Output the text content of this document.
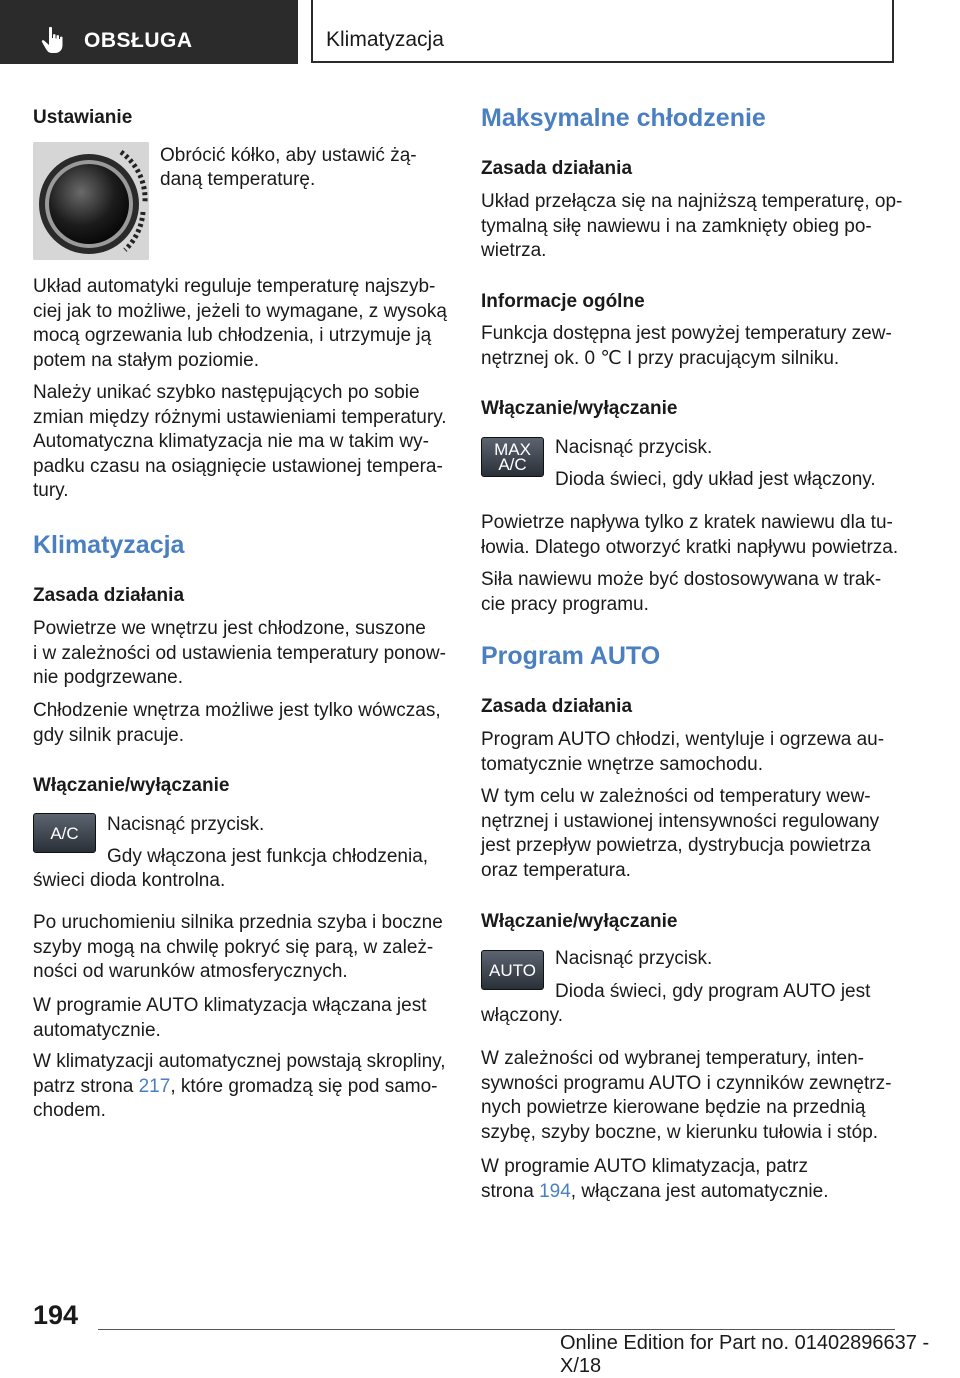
OBSŁUGA	Klimatyzacja
Ustawianie

Obrócić kółko, aby ustawić żą-

daną temperaturę.

Układ automatyki reguluje temperaturę najszyb-

ciej jak to możliwe, jeżeli to wymagane, z wysoką

mocą ogrzewania lub chłodzenia, i utrzymuje ją

potem na stałym poziomie.

Należy unikać szybko następujących po sobie

zmian między różnymi ustawieniami temperatury.

Automatyczna klimatyzacja nie ma w takim wy-

padku czasu na osiągnięcie ustawionej tempera-

tury.

Klimatyzacja
Zasada działania

Powietrze we wnętrzu jest chłodzone, suszone

i w zależności od ustawienia temperatury ponow-

nie podgrzewane.

Chłodzenie wnętrza możliwe jest tylko wówczas,

gdy silnik pracuje.

Włączanie/wyłączanie
A/C Nacisnąć przycisk.

Gdy włączona jest funkcja chłodzenia,

świeci dioda kontrolna.

Po uruchomieniu silnika przednia szyba i boczne

szyby mogą na chwilę pokryć się parą, w zależ-

ności od warunków atmosferycznych.

W programie AUTO klimatyzacja włączana jest

automatycznie.

W klimatyzacji automatycznej powstają skropliny,

patrz strona 217, które gromadzą się pod samo-

chodem.

Maksymalne chłodzenie
Zasada działania

Układ przełącza się na najniższą temperaturę, op-

tymalną siłę nawiewu i na zamknięty obieg po-

wietrza.

Informacje ogólne

Funkcja dostępna jest powyżej temperatury zew-

nętrznej ok. 0 ℃ I przy pracującym silniku.

Włączanie/wyłączanie
MAX
A/C

Nacisnąć przycisk.

Dioda świeci, gdy układ jest włączony.

Powietrze napływa tylko z kratek nawiewu dla tu-

łowia. Dlatego otworzyć kratki napływu powietrza.

Siła nawiewu może być dostosowywana w trak-

cie pracy programu.

Program AUTO
Zasada działania

Program AUTO chłodzi, wentyluje i ogrzewa au-

tomatycznie wnętrze samochodu.

W tym celu w zależności od temperatury wew-

nętrznej i ustawionej intensywności regulowany

jest przepływ powietrza, dystrybucja powietrza

oraz temperatura.

Włączanie/wyłączanie
AUTO

Nacisnąć przycisk.

Dioda świeci, gdy program AUTO jest

włączony.

W zależności od wybranej temperatury, inten-

sywności programu AUTO i czynników zewnętrz-

nych powietrze kierowane będzie na przednią

szybę, szyby boczne, w kierunku tułowia i stóp.

W programie AUTO klimatyzacja, patrz

strona 194, włączana jest automatycznie.

194
Online Edition for Part no. 01402896637 - X/18
